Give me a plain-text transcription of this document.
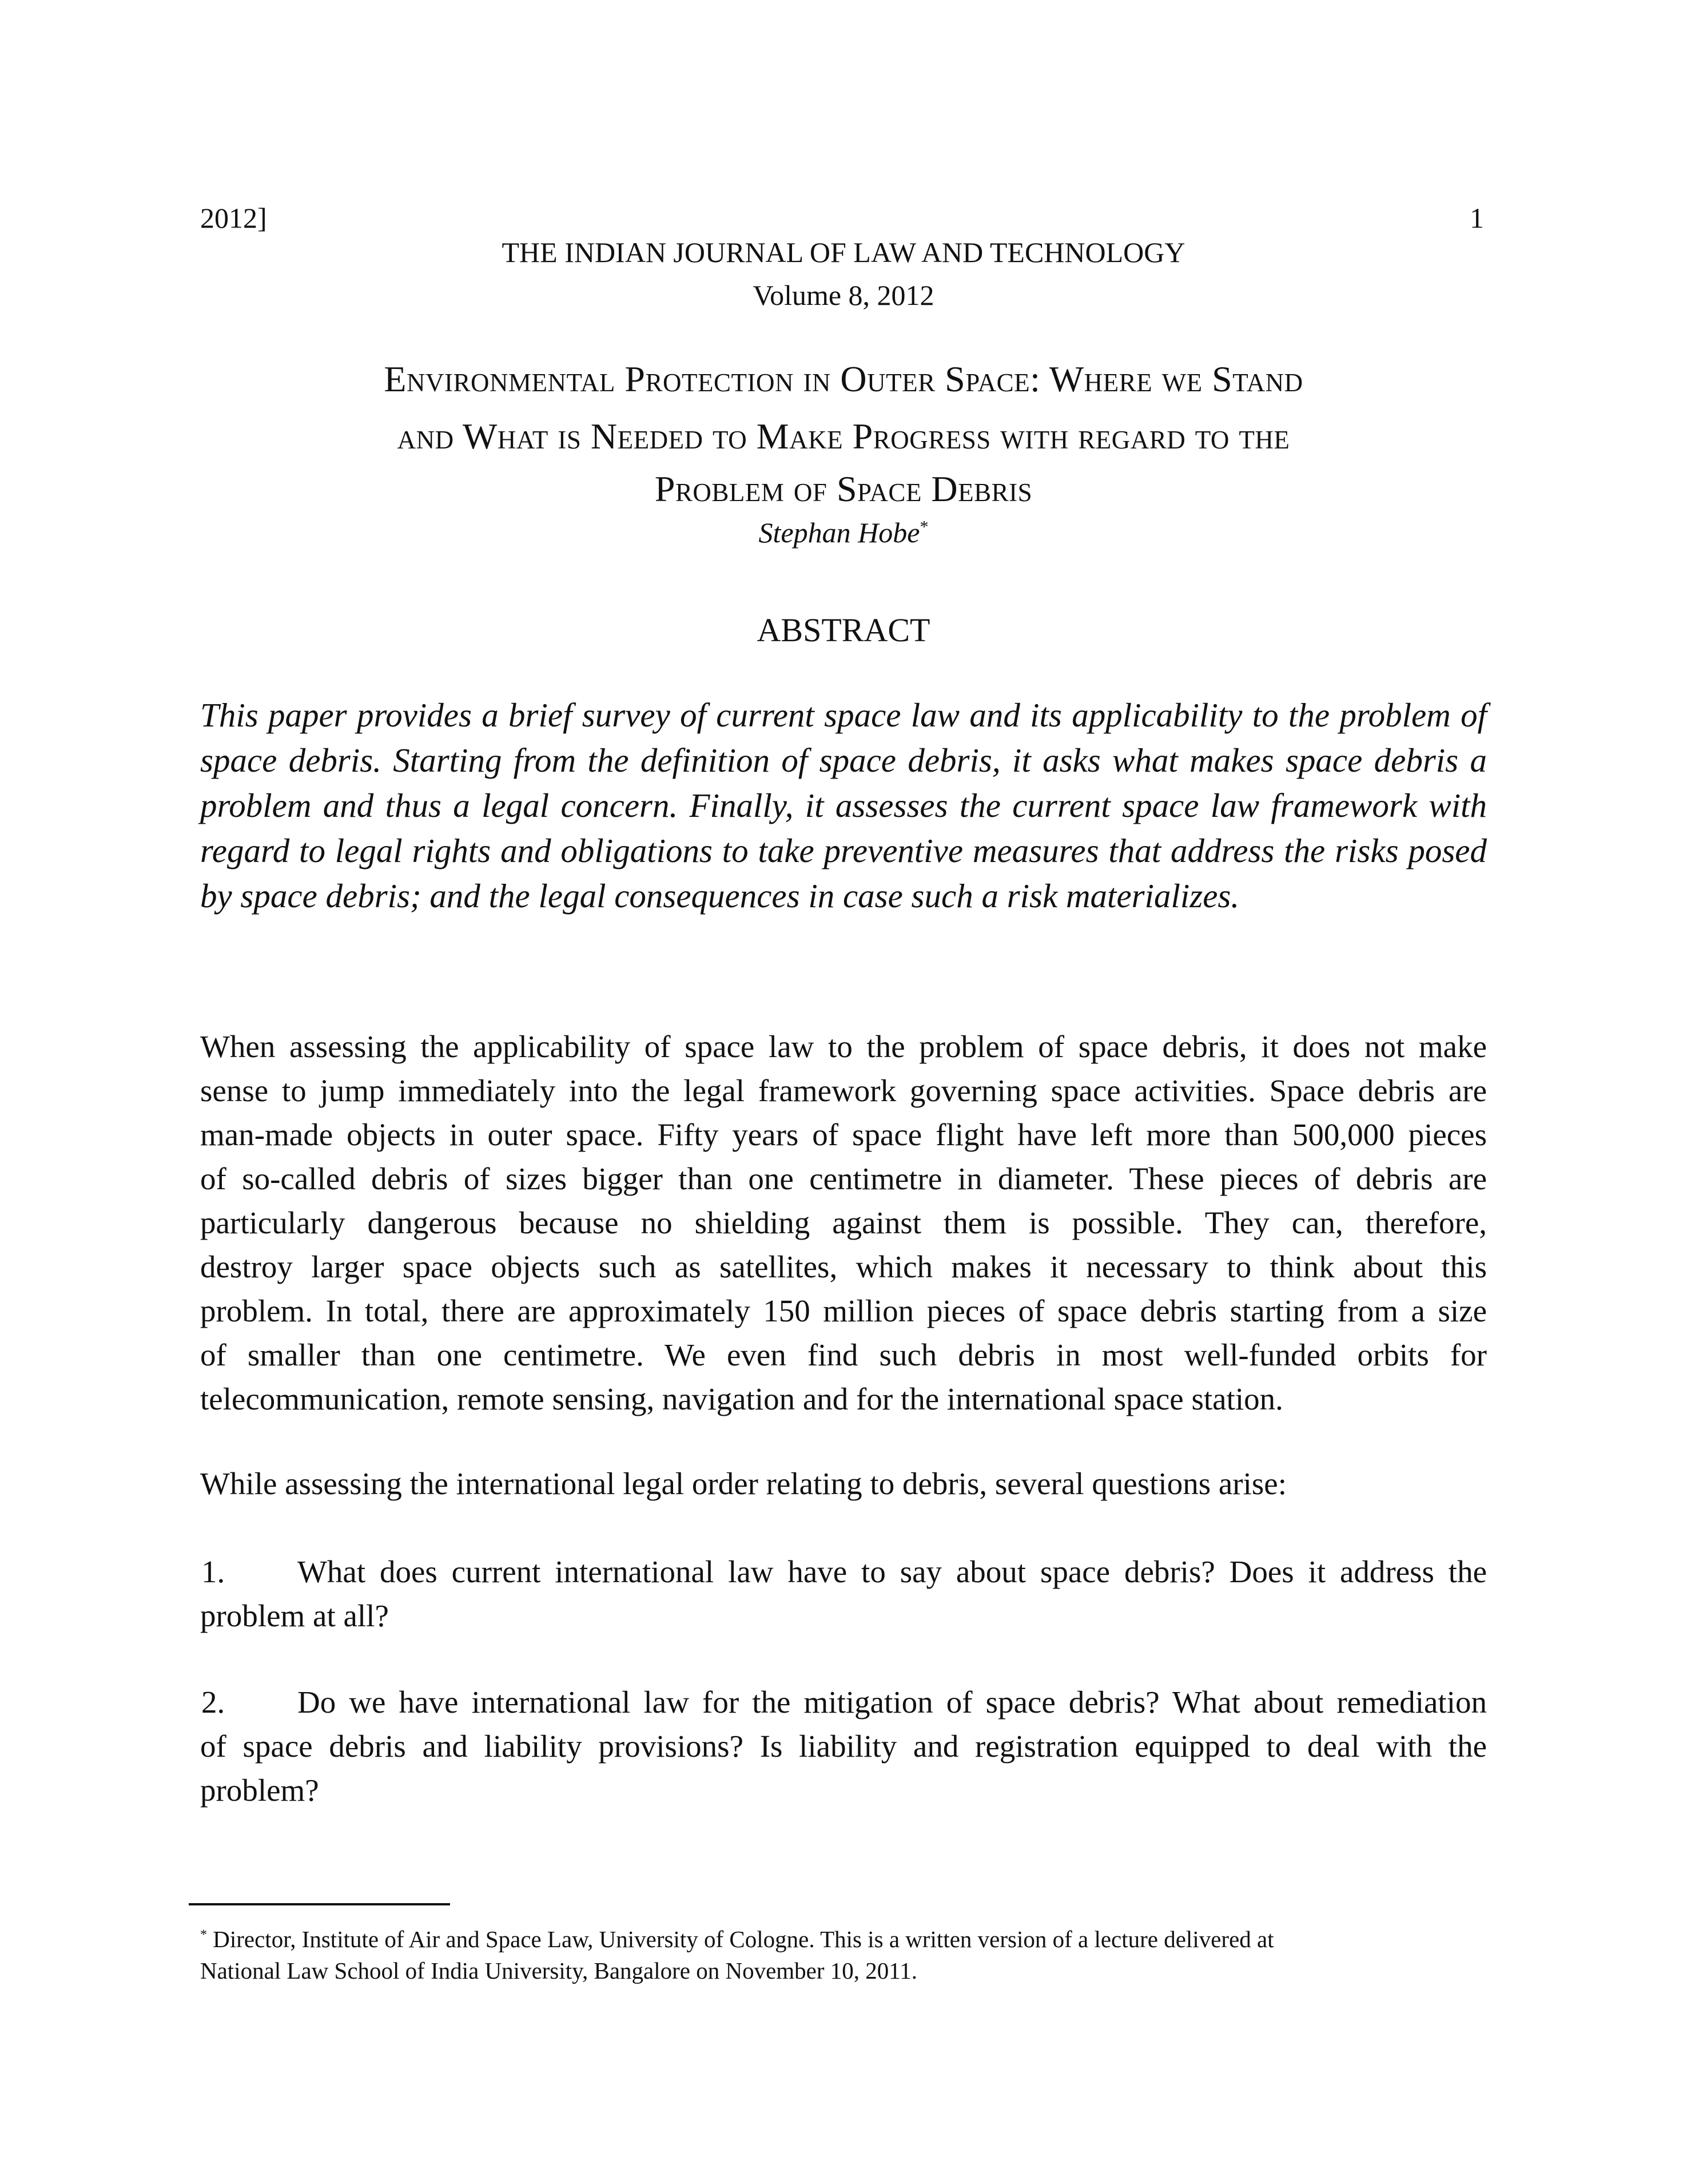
2012]	1
THE INDIAN JOURNAL OF LAW AND TECHNOLOGY
Volume 8, 2012
Environmental Protection in Outer Space: Where we Stand
and What is Needed to Make Progress with regard to the
Problem of Space Debris
Stephan Hobe*
ABSTRACT
This paper provides a brief survey of current space law and its applicability to the problem of
space debris. Starting from the definition of space debris, it asks what makes space debris a
problem and thus a legal concern. Finally, it assesses the current space law framework with
regard to legal rights and obligations to take preventive measures that address the risks posed
by space debris; and the legal consequences in case such a risk materializes.
When assessing the applicability of space law to the problem of space debris, it does not make
sense to jump immediately into the legal framework governing space activities. Space debris are
man-made objects in outer space. Fifty years of space flight have left more than 500,000 pieces
of so-called debris of sizes bigger than one centimetre in diameter. These pieces of debris are
particularly dangerous because no shielding against them is possible. They can, therefore,
destroy larger space objects such as satellites, which makes it necessary to think about this
problem. In total, there are approximately 150 million pieces of space debris starting from a size
of smaller than one centimetre. We even find such debris in most well-funded orbits for
telecommunication, remote sensing, navigation and for the international space station.
While assessing the international legal order relating to debris, several questions arise:
1. What does current international law have to say about space debris? Does it address the
problem at all?
2. Do we have international law for the mitigation of space debris? What about remediation
of space debris and liability provisions? Is liability and registration equipped to deal with the
problem?
* Director, Institute of Air and Space Law, University of Cologne. This is a written version of a lecture delivered at
National Law School of India University, Bangalore on November 10, 2011.
